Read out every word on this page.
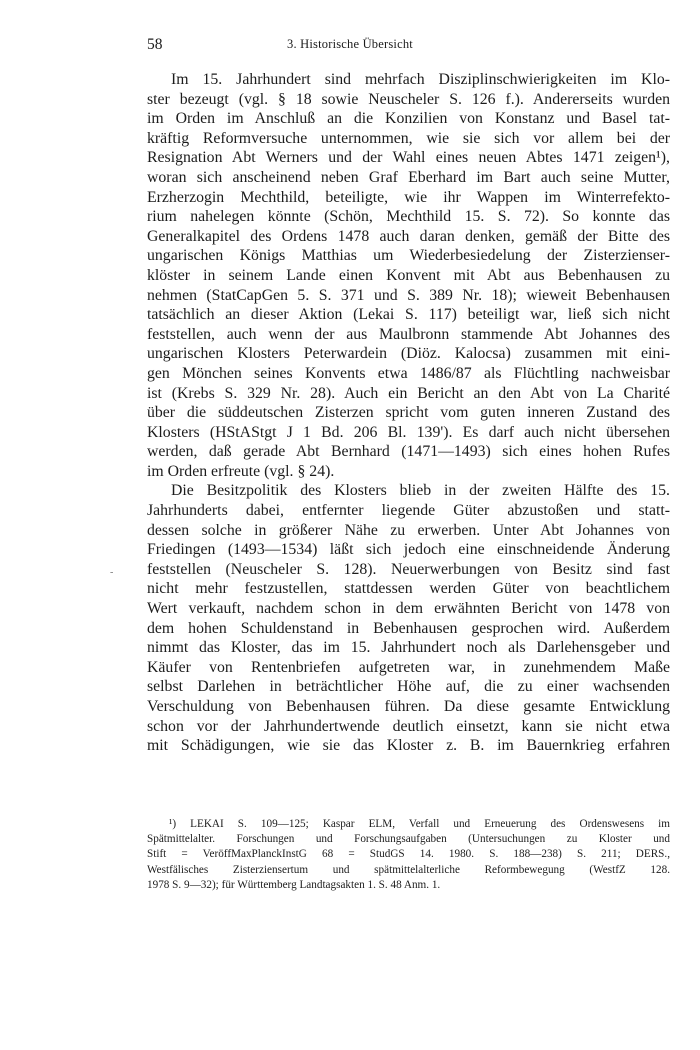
58	3. Historische Übersicht
-
Im 15. Jahrhundert sind mehrfach Disziplinschwierigkeiten im Klo-
ster bezeugt (vgl. § 18 sowie Neuscheler S. 126 f.). Andererseits wurden
im Orden im Anschluß an die Konzilien von Konstanz und Basel tat-
kräftig Reformversuche unternommen, wie sie sich vor allem bei der
Resignation Abt Werners und der Wahl eines neuen Abtes 1471 zeigen¹),
woran sich anscheinend neben Graf Eberhard im Bart auch seine Mutter,
Erzherzogin Mechthild, beteiligte, wie ihr Wappen im Winterrefekto-
rium nahelegen könnte (Schön, Mechthild 15. S. 72). So konnte das
Generalkapitel des Ordens 1478 auch daran denken, gemäß der Bitte des
ungarischen Königs Matthias um Wiederbesiedelung der Zisterzienser-
klöster in seinem Lande einen Konvent mit Abt aus Bebenhausen zu
nehmen (StatCapGen 5. S. 371 und S. 389 Nr. 18); wieweit Bebenhausen
tatsächlich an dieser Aktion (Lekai S. 117) beteiligt war, ließ sich nicht
feststellen, auch wenn der aus Maulbronn stammende Abt Johannes des
ungarischen Klosters Peterwardein (Diöz. Kalocsa) zusammen mit eini-
gen Mönchen seines Konvents etwa 1486/87 als Flüchtling nachweisbar
ist (Krebs S. 329 Nr. 28). Auch ein Bericht an den Abt von La Charité
über die süddeutschen Zisterzen spricht vom guten inneren Zustand des
Klosters (HStAStgt J 1 Bd. 206 Bl. 139'). Es darf auch nicht übersehen
werden, daß gerade Abt Bernhard (1471—1493) sich eines hohen Rufes
im Orden erfreute (vgl. § 24).
Die Besitzpolitik des Klosters blieb in der zweiten Hälfte des 15.
Jahrhunderts dabei, entfernter liegende Güter abzustoßen und statt-
dessen solche in größerer Nähe zu erwerben. Unter Abt Johannes von
Friedingen (1493—1534) läßt sich jedoch eine einschneidende Änderung
feststellen (Neuscheler S. 128). Neuerwerbungen von Besitz sind fast
nicht mehr festzustellen, stattdessen werden Güter von beachtlichem
Wert verkauft, nachdem schon in dem erwähnten Bericht von 1478 von
dem hohen Schuldenstand in Bebenhausen gesprochen wird. Außerdem
nimmt das Kloster, das im 15. Jahrhundert noch als Darlehensgeber und
Käufer von Rentenbriefen aufgetreten war, in zunehmendem Maße
selbst Darlehen in beträchtlicher Höhe auf, die zu einer wachsenden
Verschuldung von Bebenhausen führen. Da diese gesamte Entwicklung
schon vor der Jahrhundertwende deutlich einsetzt, kann sie nicht etwa
mit Schädigungen, wie sie das Kloster z. B. im Bauernkrieg erfahren
¹) LEKAI S. 109—125; Kaspar ELM, Verfall und Erneuerung des Ordenswesens im
Spätmittelalter. Forschungen und Forschungsaufgaben (Untersuchungen zu Kloster und
Stift = VeröffMaxPlanckInstG 68 = StudGS 14. 1980. S. 188—238) S. 211; DERS.,
Westfälisches Zisterziensertum und spätmittelalterliche Reformbewegung (WestfZ 128.
1978 S. 9—32); für Württemberg Landtagsakten 1. S. 48 Anm. 1.
